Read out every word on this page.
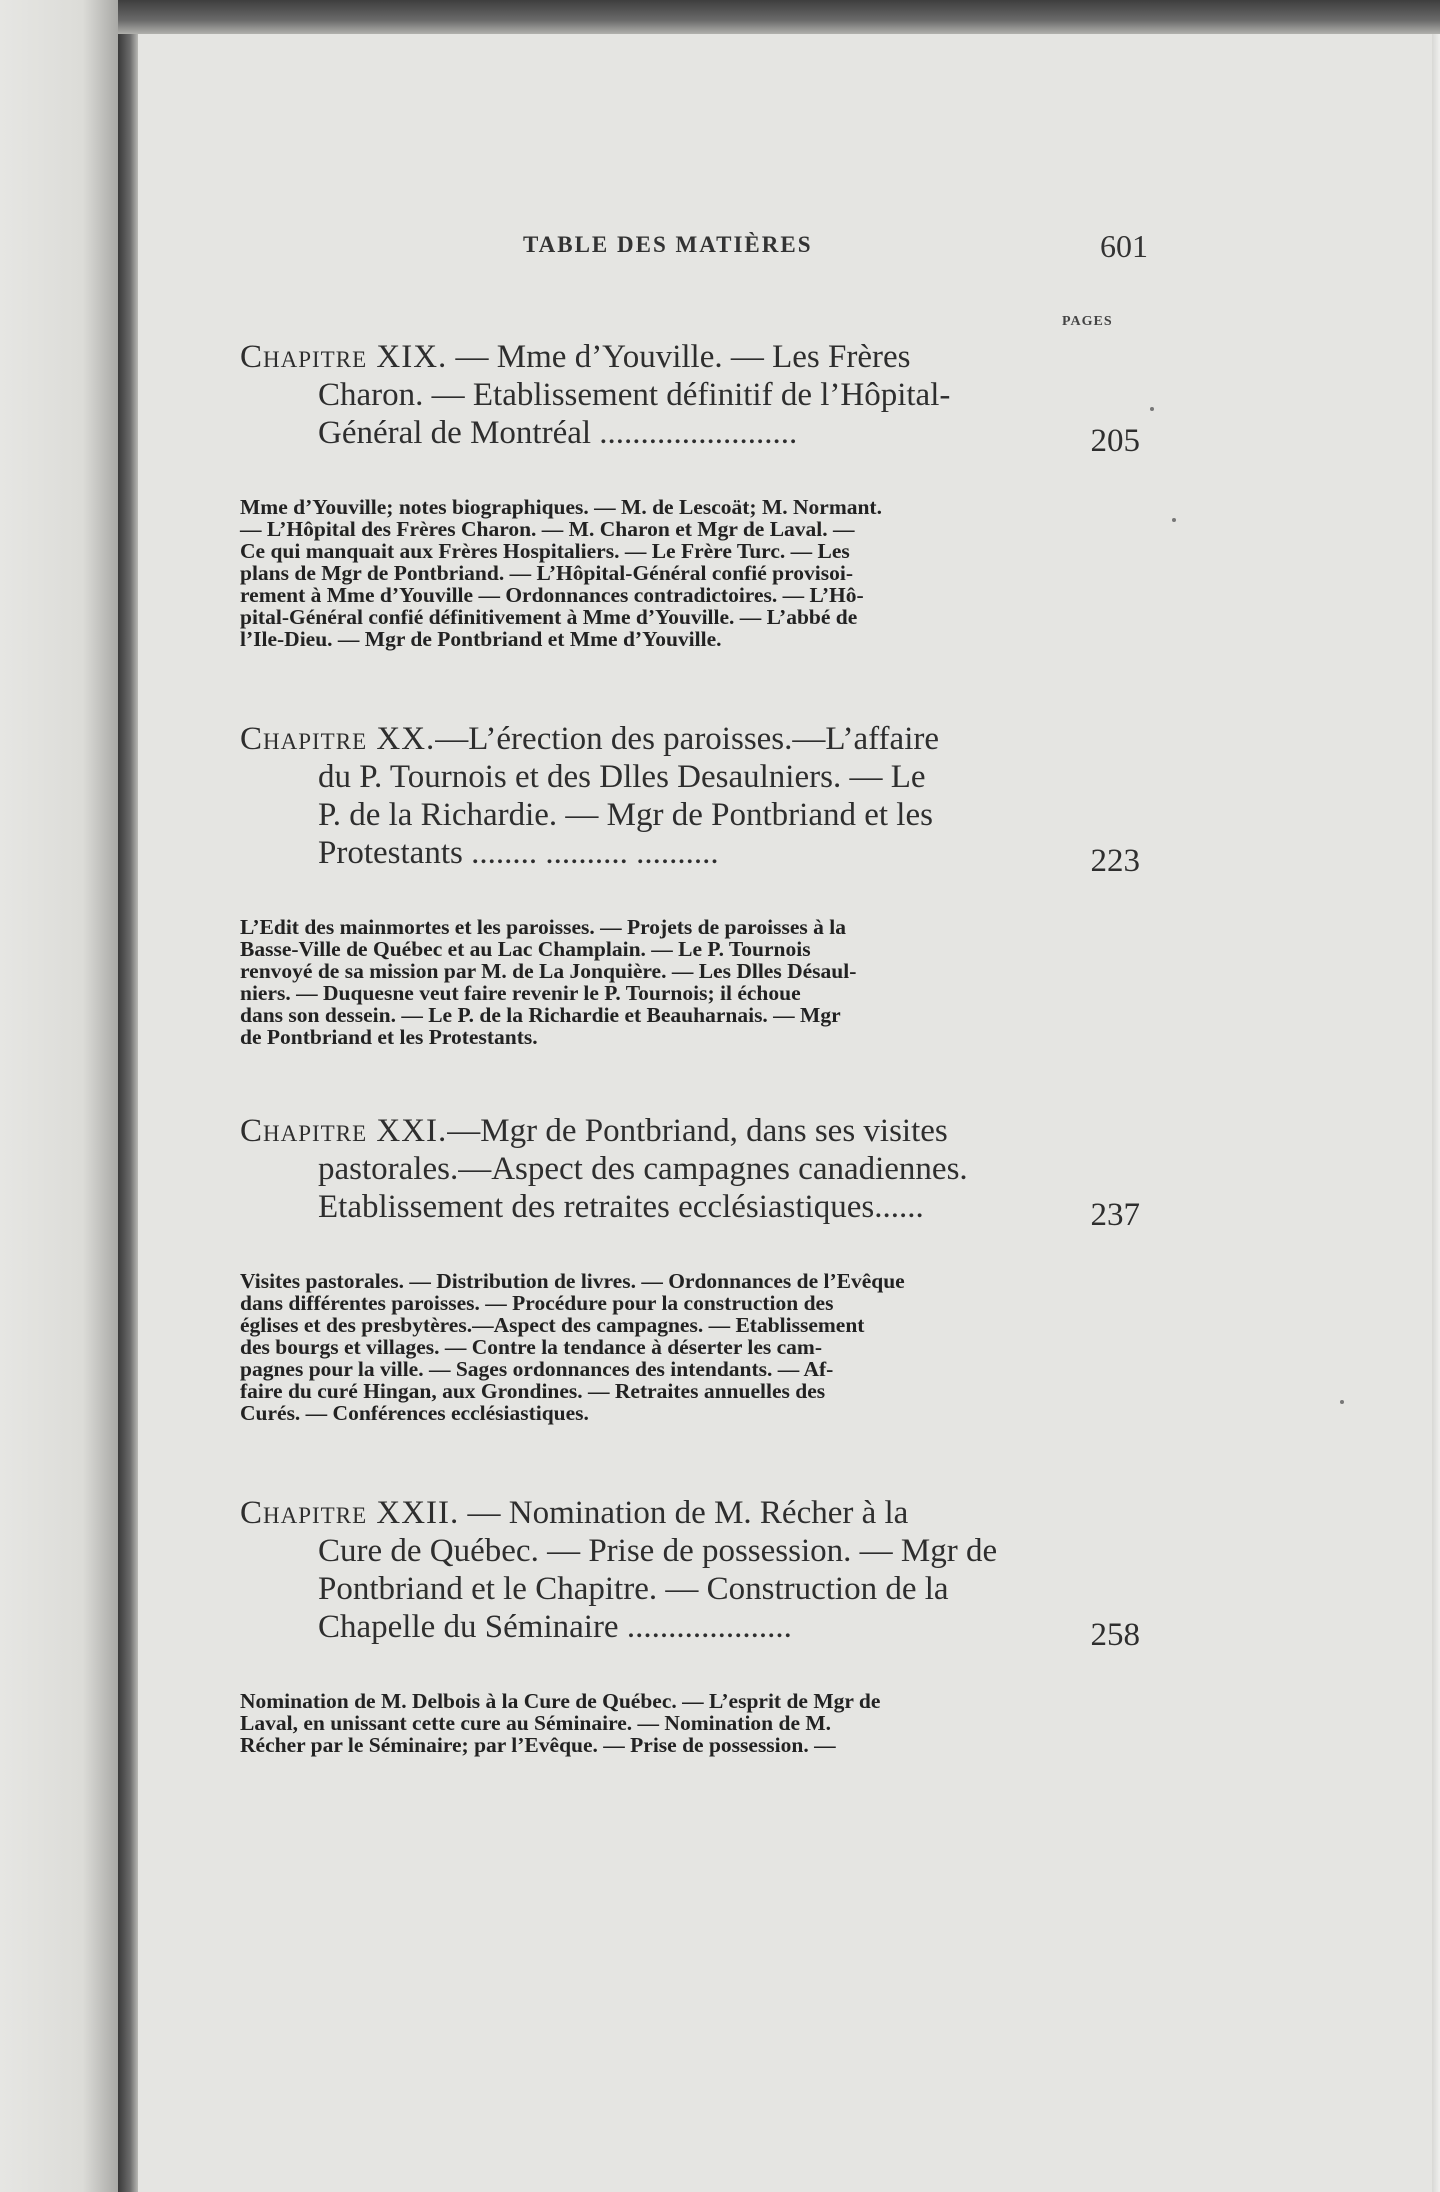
TABLE DES MATIÈRES	601
PAGES
Chapitre XIX. — Mme d’Youville. — Les Frères
Charon. — Etablissement définitif de l’Hôpital-
Général de Montréal ........................	205
Mme d’Youville; notes biographiques. — M. de Lescoät; M. Normant.
— L’Hôpital des Frères Charon. — M. Charon et Mgr de Laval. —
Ce qui manquait aux Frères Hospitaliers. — Le Frère Turc. — Les
plans de Mgr de Pontbriand. — L’Hôpital-Général confié provisoi-
rement à Mme d’Youville — Ordonnances contradictoires. — L’Hô-
pital-Général confié définitivement à Mme d’Youville. — L’abbé de
l’Ile-Dieu. — Mgr de Pontbriand et Mme d’Youville.
Chapitre XX.—L’érection des paroisses.—L’affaire
du P. Tournois et des Dlles Desaulniers. — Le
P. de la Richardie. — Mgr de Pontbriand et les
Protestants ........ .......... ..........	223
L’Edit des mainmortes et les paroisses. — Projets de paroisses à la
Basse-Ville de Québec et au Lac Champlain. — Le P. Tournois
renvoyé de sa mission par M. de La Jonquière. — Les Dlles Désaul-
niers. — Duquesne veut faire revenir le P. Tournois; il échoue
dans son dessein. — Le P. de la Richardie et Beauharnais. — Mgr
de Pontbriand et les Protestants.
Chapitre XXI.—Mgr de Pontbriand, dans ses visites
pastorales.—Aspect des campagnes canadiennes.
Etablissement des retraites ecclésiastiques......	237
Visites pastorales. — Distribution de livres. — Ordonnances de l’Evêque
dans différentes paroisses. — Procédure pour la construction des
églises et des presbytères.—Aspect des campagnes. — Etablissement
des bourgs et villages. — Contre la tendance à déserter les cam-
pagnes pour la ville. — Sages ordonnances des intendants. — Af-
faire du curé Hingan, aux Grondines. — Retraites annuelles des
Curés. — Conférences ecclésiastiques.
Chapitre XXII. — Nomination de M. Récher à la
Cure de Québec. — Prise de possession. — Mgr de
Pontbriand et le Chapitre. — Construction de la
Chapelle du Séminaire ....................	258
Nomination de M. Delbois à la Cure de Québec. — L’esprit de Mgr de
Laval, en unissant cette cure au Séminaire. — Nomination de M.
Récher par le Séminaire; par l’Evêque. — Prise de possession. —
